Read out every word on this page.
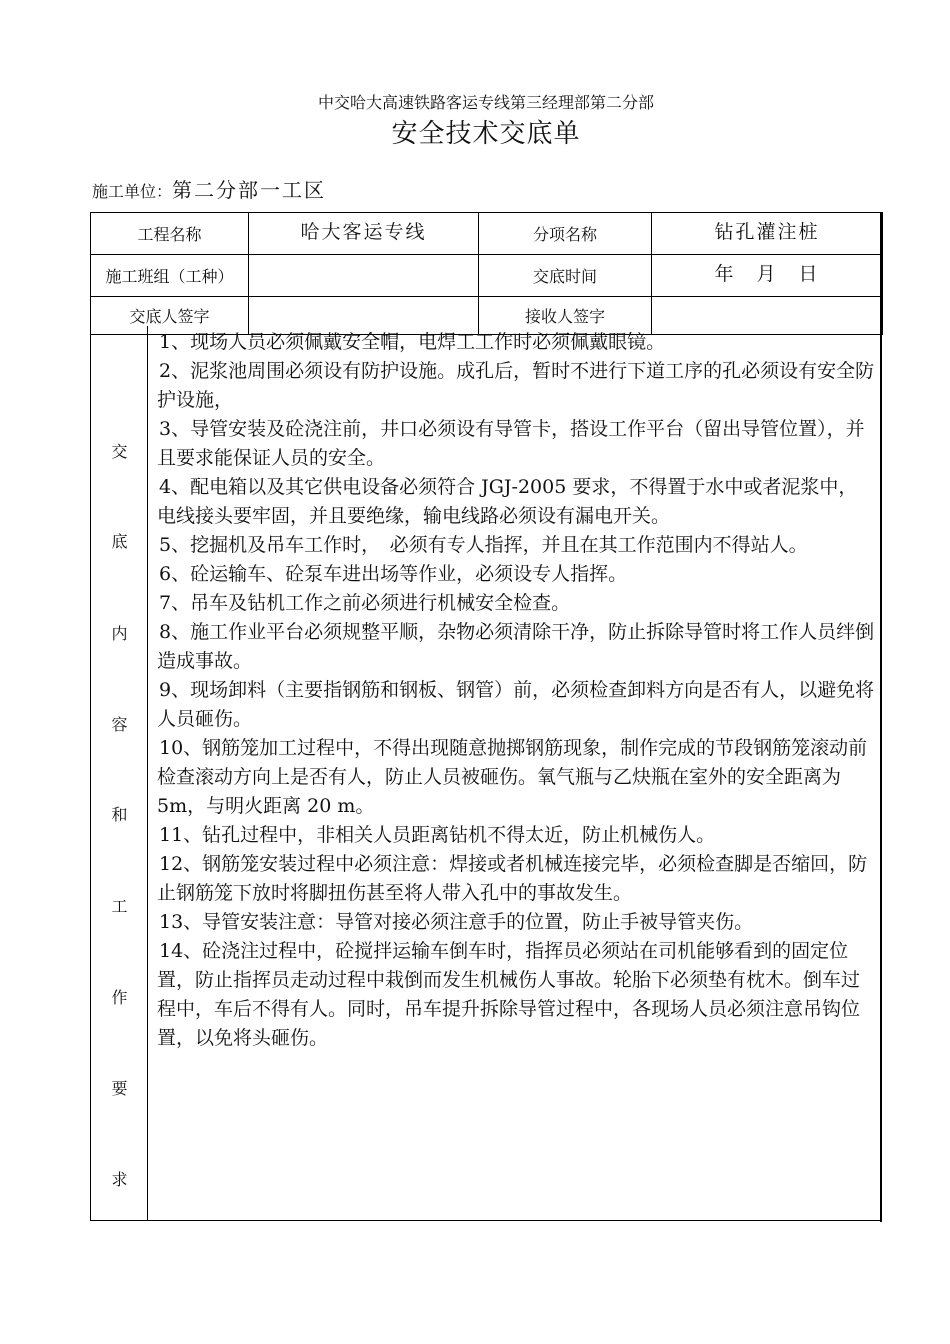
中交哈大高速铁路客运专线第三经理部第二分部
安全技术交底单
施工单位：第二分部一工区
工程名称	哈大客运专线	分项名称	钻孔灌注桩
施工班组（工种）		交底时间	年　月　日
交底人签字		接收人签字	
交
底
内
容
和
工
作
要
求

1、现场人员必须佩戴安全帽，电焊工工作时必须佩戴眼镜。

2、泥浆池周围必须设有防护设施。成孔后，暂时不进行下道工序的孔必须设有安全防护设施，

3、导管安装及砼浇注前，井口必须设有导管卡，搭设工作平台（留出导管位置），并且要求能保证人员的安全。

4、配电箱以及其它供电设备必须符合 JGJ-2005 要求，不得置于水中或者泥浆中，电线接头要牢固，并且要绝缘，输电线路必须设有漏电开关。

5、挖掘机及吊车工作时，　必须有专人指挥，并且在其工作范围内不得站人。

6、砼运输车、砼泵车进出场等作业，必须设专人指挥。

7、吊车及钻机工作之前必须进行机械安全检查。

8、施工作业平台必须规整平顺，杂物必须清除干净，防止拆除导管时将工作人员绊倒造成事故。

9、现场卸料（主要指钢筋和钢板、钢管）前，必须检查卸料方向是否有人，以避免将人员砸伤。

10、钢筋笼加工过程中，不得出现随意抛掷钢筋现象，制作完成的节段钢筋笼滚动前检查滚动方向上是否有人，防止人员被砸伤。氧气瓶与乙炔瓶在室外的安全距离为 5m，与明火距离 20 m。

11、钻孔过程中，非相关人员距离钻机不得太近，防止机械伤人。

12、钢筋笼安装过程中必须注意：焊接或者机械连接完毕，必须检查脚是否缩回，防止钢筋笼下放时将脚扭伤甚至将人带入孔中的事故发生。

13、导管安装注意：导管对接必须注意手的位置，防止手被导管夹伤。

14、砼浇注过程中，砼搅拌运输车倒车时，指挥员必须站在司机能够看到的固定位置，防止指挥员走动过程中栽倒而发生机械伤人事故。轮胎下必须垫有枕木。倒车过程中，车后不得有人。同时，吊车提升拆除导管过程中，各现场人员必须注意吊钩位置，以免将头砸伤。
